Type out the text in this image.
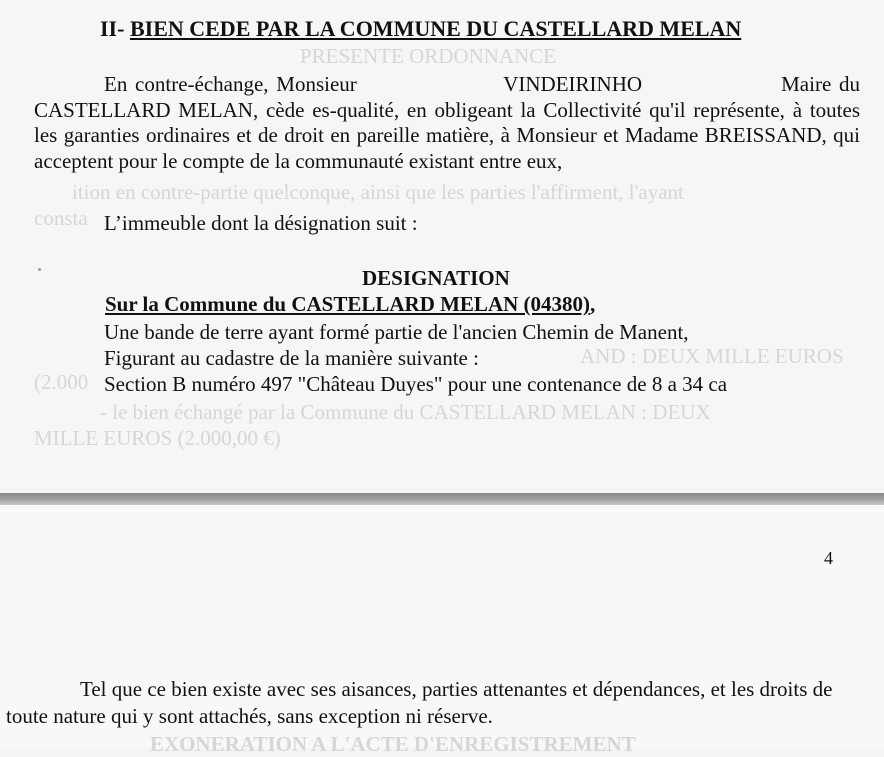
PRESENTE ORDONNANCE
ition en contre-partie quelconque, ainsi que les parties l'affirment, l'ayant
consta
AND : DEUX MILLE EUROS
(2.000
- le bien échangé par la Commune du CASTELLARD MELAN : DEUX
MILLE EUROS (2.000,00 €)
II- BIEN CEDE PAR LA COMMUNE DU CASTELLARD MELAN
En contre-échange, Monsieur                   VINDEIRINHO                  Maire du CASTELLARD MELAN, cède es-qualité, en obligeant la Collectivité qu'il représente, à toutes les garanties ordinaires et de droit en pareille matière, à Monsieur et Madame BREISSAND, qui acceptent pour le compte de la communauté existant entre eux,
L’immeuble dont la désignation suit :
DESIGNATION
Sur la Commune du CASTELLARD MELAN (04380),
Une bande de terre ayant formé partie de l'ancien Chemin de Manent,
Figurant au cadastre de la manière suivante :
Section B numéro 497 "Château Duyes" pour une contenance de 8 a 34 ca
EXONERATION A L'ACTE D'ENREGISTREMENT
4
Tel que ce bien existe avec ses aisances, parties attenantes et dépendances, et les droits de toute nature qui y sont attachés, sans exception ni réserve.
